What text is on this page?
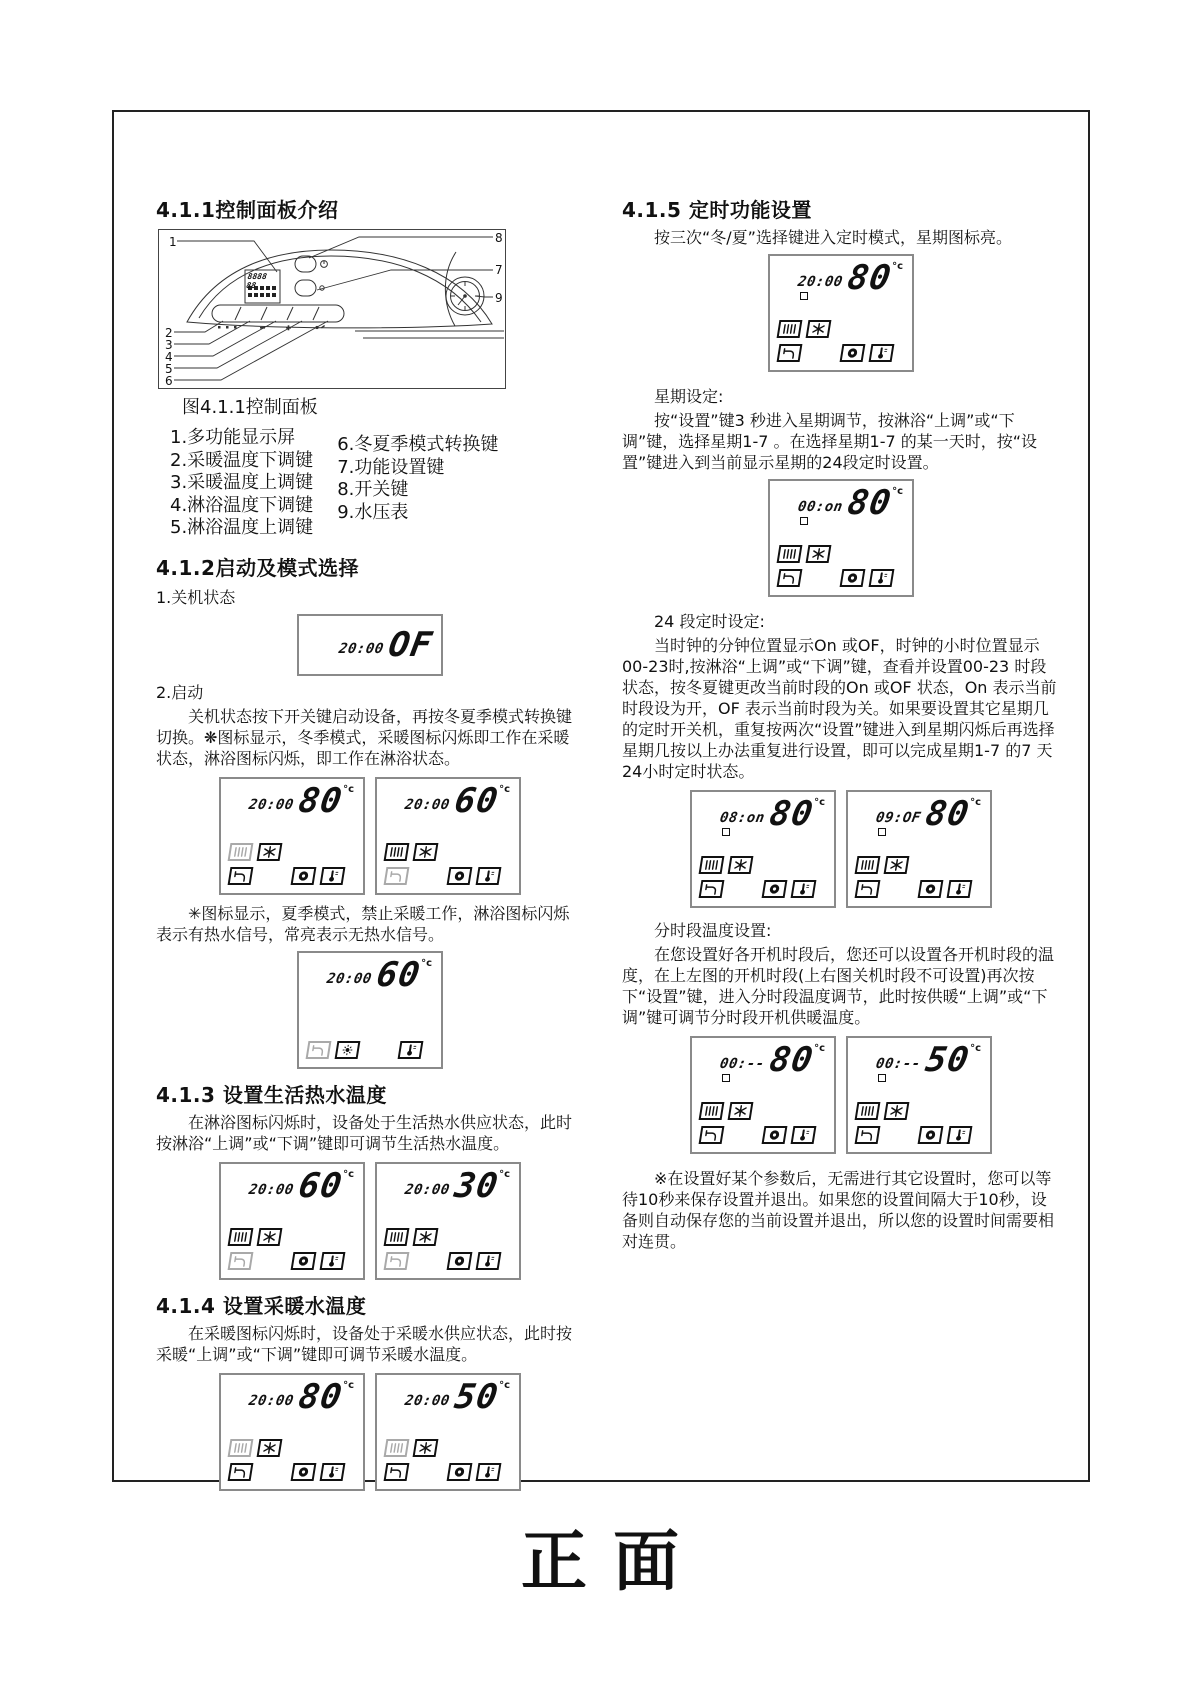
4.1.1控制面板介绍
8888 88
1
2
3
4
5
6
7
8
9
图4.1.1控制面板
1.多功能显示屏
2.采暖温度下调键
3.采暖温度上调键
4.淋浴温度下调键
5.淋浴温度上调键
6.冬夏季模式转换键
7.功能设置键
8.开关键
9.水压表
4.1.2启动及模式选择

1.关机状态

20:00 OF

2.启动

关机状态按下开关键启动设备，再按冬夏季模式转换键切换。❋图标显示，冬季模式，采暖图标闪烁即工作在采暖状态，淋浴图标闪烁，即工作在淋浴状态。

20:00 80
°c
20:00 60
°c

✳图标显示，夏季模式，禁止采暖工作，淋浴图标闪烁表示有热水信号，常亮表示无热水信号。

20:00 60
°c
4.1.3 设置生活热水温度

在淋浴图标闪烁时，设备处于生活热水供应状态，此时按淋浴“上调”或“下调”键即可调节生活热水温度。

20:00 60
°c
20:00 30
°c
4.1.4 设置采暖水温度

在采暖图标闪烁时，设备处于采暖水供应状态，此时按采暖“上调”或“下调”键即可调节采暖水温度。

20:00 80
°c
20:00 50
°c
4.1.5 定时功能设置

按三次“冬/夏”选择键进入定时模式，星期图标亮。

20:00 80
°c

星期设定:

按“设置”键3 秒进入星期调节，按淋浴“上调”或“下调”键，选择星期1-7 。在选择星期1-7 的某一天时，按“设置”键进入到当前显示星期的24段定时设置。

00:on 80
°c

24 段定时设定:

当时钟的分钟位置显示On 或OF，时钟的小时位置显示00-23时,按淋浴“上调”或“下调”键，查看并设置00-23 时段状态，按冬夏键更改当前时段的On 或OF 状态，On 表示当前时段设为开，OF 表示当前时段为关。如果要设置其它星期几的定时开关机，重复按两次“设置”键进入到星期闪烁后再选择星期几按以上办法重复进行设置，即可以完成星期1-7 的7 天24小时定时状态。

08:on 80
°c
09:OF 80
°c

分时段温度设置:

在您设置好各开机时段后，您还可以设置各开机时段的温度，在上左图的开机时段(上右图关机时段不可设置)再次按下“设置”键，进入分时段温度调节，此时按供暖“上调”或“下调”键可调节分时段开机供暖温度。

00:-- 80
°c
00:-- 50
°c

※在设置好某个参数后，无需进行其它设置时，您可以等待10秒来保存设置并退出。如果您的设置间隔大于10秒，设备则自动保存您的当前设置并退出，所以您的设置时间需要相对连贯。

正面
